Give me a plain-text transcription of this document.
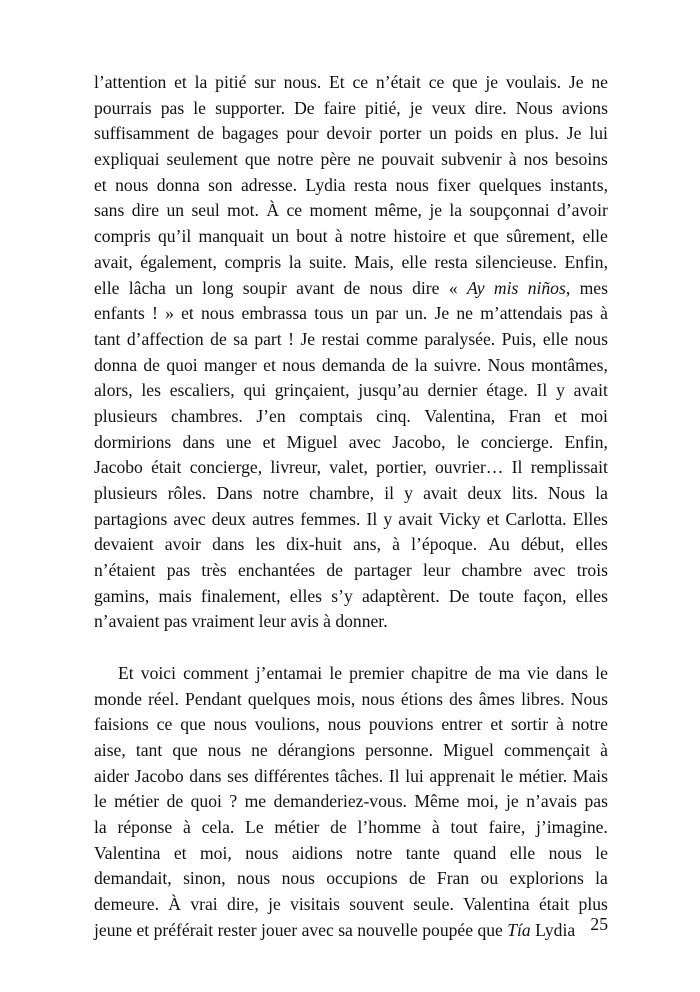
l’attention et la pitié sur nous. Et ce n’était ce que je voulais. Je ne
pourrais pas le supporter. De faire pitié, je veux dire. Nous avions
suffisamment de bagages pour devoir porter un poids en plus. Je lui
expliquai seulement que notre père ne pouvait subvenir à nos besoins
et nous donna son adresse. Lydia resta nous fixer quelques instants,
sans dire un seul mot. À ce moment même, je la soupçonnai d’avoir
compris qu’il manquait un bout à notre histoire et que sûrement, elle
avait, également, compris la suite. Mais, elle resta silencieuse. Enfin,
elle lâcha un long soupir avant de nous dire « Ay mis niños, mes
enfants ! » et nous embrassa tous un par un. Je ne m’attendais pas à
tant d’affection de sa part ! Je restai comme paralysée. Puis, elle nous
donna de quoi manger et nous demanda de la suivre. Nous montâmes,
alors, les escaliers, qui grinçaient, jusqu’au dernier étage. Il y avait
plusieurs chambres. J’en comptais cinq. Valentina, Fran et moi
dormirions dans une et Miguel avec Jacobo, le concierge. Enfin,
Jacobo était concierge, livreur, valet, portier, ouvrier… Il remplissait
plusieurs rôles. Dans notre chambre, il y avait deux lits. Nous la
partagions avec deux autres femmes. Il y avait Vicky et Carlotta. Elles
devaient avoir dans les dix-huit ans, à l’époque. Au début, elles
n’étaient pas très enchantées de partager leur chambre avec trois
gamins, mais finalement, elles s’y adaptèrent. De toute façon, elles
n’avaient pas vraiment leur avis à donner.
Et voici comment j’entamai le premier chapitre de ma vie dans le
monde réel. Pendant quelques mois, nous étions des âmes libres. Nous
faisions ce que nous voulions, nous pouvions entrer et sortir à notre
aise, tant que nous ne dérangions personne. Miguel commençait à
aider Jacobo dans ses différentes tâches. Il lui apprenait le métier. Mais
le métier de quoi ? me demanderiez-vous. Même moi, je n’avais pas
la réponse à cela. Le métier de l’homme à tout faire, j’imagine.
Valentina et moi, nous aidions notre tante quand elle nous le
demandait, sinon, nous nous occupions de Fran ou explorions la
demeure. À vrai dire, je visitais souvent seule. Valentina était plus
jeune et préférait rester jouer avec sa nouvelle poupée que Tía Lydia 25
